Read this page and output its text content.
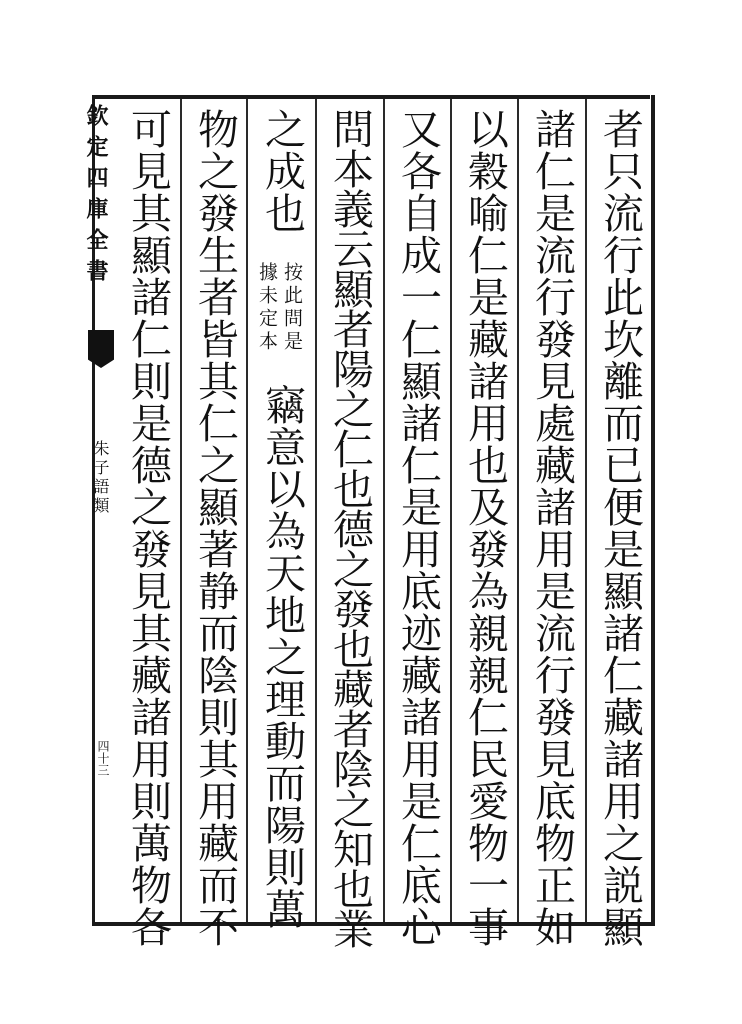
者只流行此坎離而已便是顯諸仁藏諸用之説顯
諸仁是流行發見處藏諸用是流行發見底物正如
以穀喻仁是藏諸用也及發為親親仁民愛物一事
又各自成一仁顯諸仁是用底迹藏諸用是仁底心
問本義云顯者陽之仁也德之發也藏者陰之知也業
之成也
按此問是
據未定本
竊意以為天地之理動而陽則萬
物之發生者皆其仁之顯著静而陰則其用藏而不
可見其顯諸仁則是德之發見其藏諸用則萬物各
欽定四庫全書
朱子語類
四十三
